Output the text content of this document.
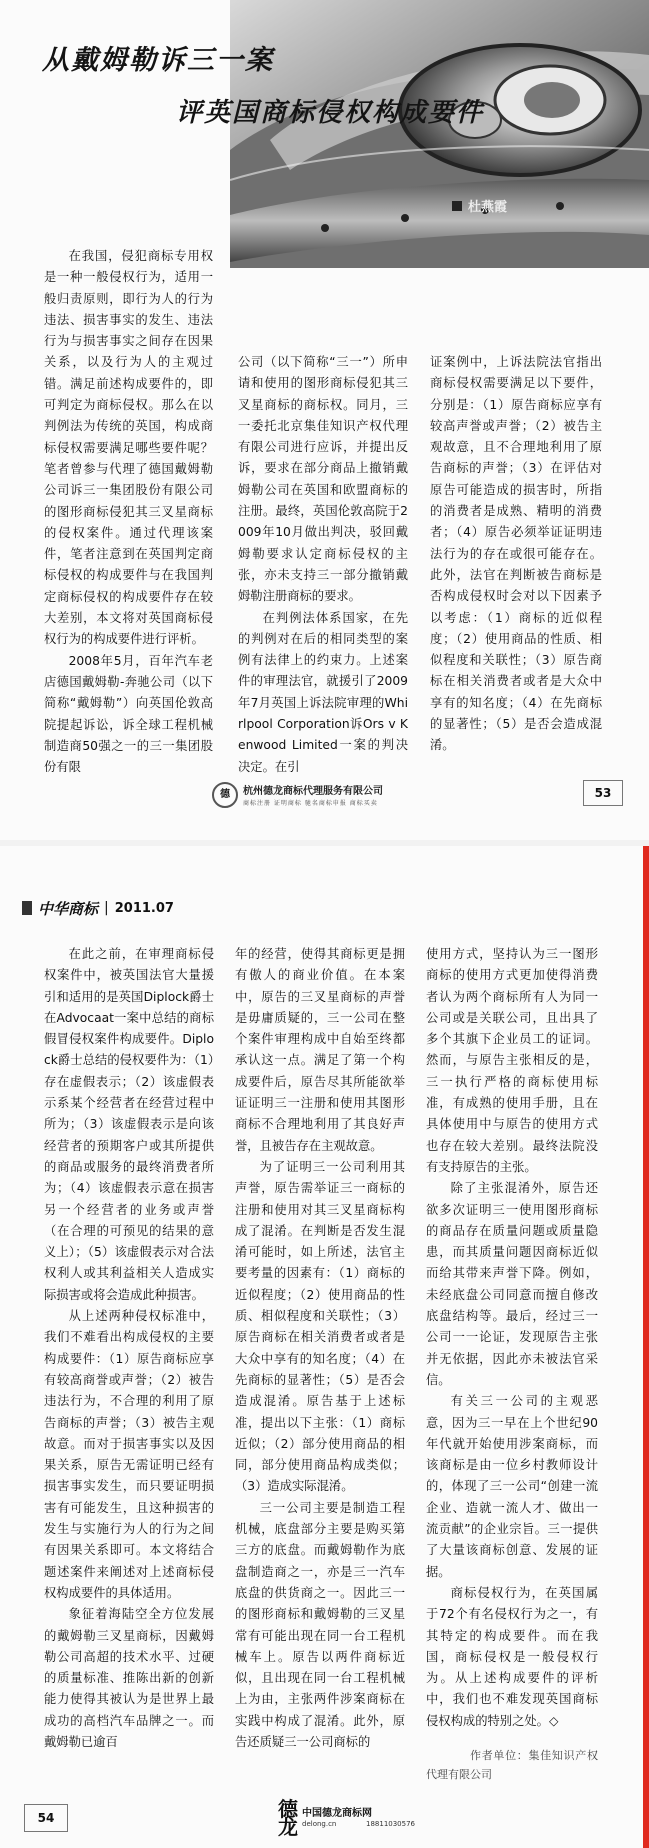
从戴姆勒诉三一案
评英国商标侵权构成要件
杜燕霞

在我国，侵犯商标专用权是一种一般侵权行为，适用一般归责原则，即行为人的行为违法、损害事实的发生、违法行为与损害事实之间存在因果关系，以及行为人的主观过错。满足前述构成要件的，即可判定为商标侵权。那么在以判例法为传统的英国，构成商标侵权需要满足哪些要件呢？笔者曾参与代理了德国戴姆勒公司诉三一集团股份有限公司的图形商标侵犯其三叉星商标的侵权案件。通过代理该案件，笔者注意到在英国判定商标侵权的构成要件与在我国判定商标侵权的构成要件存在较大差别，本文将对英国商标侵权行为的构成要件进行评析。

2008年5月，百年汽车老店德国戴姆勒-奔驰公司（以下简称“戴姆勒”）向英国伦敦高院提起诉讼，诉全球工程机械制造商50强之一的三一集团股份有限

公司（以下简称“三一”）所申请和使用的图形商标侵犯其三叉星商标的商标权。同月，三一委托北京集佳知识产权代理有限公司进行应诉，并提出反诉，要求在部分商品上撤销戴姆勒公司在英国和欧盟商标的注册。最终，英国伦敦高院于2009年10月做出判决，驳回戴姆勒要求认定商标侵权的主张，亦未支持三一部分撤销戴姆勒注册商标的要求。

在判例法体系国家，在先的判例对在后的相同类型的案例有法律上的约束力。上述案件的审理法官，就援引了2009年7月英国上诉法院审理的Whirlpool Corporation诉Ors v Kenwood Limited一案的判决决定。在引

证案例中，上诉法院法官指出商标侵权需要满足以下要件，分别是：（1）原告商标应享有较高声誉或声誉；（2）被告主观故意，且不合理地利用了原告商标的声誉；（3）在评估对原告可能造成的损害时，所指的消费者是成熟、精明的消费者；（4）原告必须举证证明违法行为的存在或很可能存在。此外，法官在判断被告商标是否构成侵权时会对以下因素予以考虑：（1）商标的近似程度；（2）使用商品的性质、相似程度和关联性；（3）原告商标在相关消费者或者是大众中享有的知名度；（4）在先商标的显著性；（5）是否会造成混淆。

德	杭州德龙商标代理服务有限公司
商标注册 证明商标 驰名商标申报 商标买卖
53
中华商标 | 2011.07

在此之前，在审理商标侵权案件中，被英国法官大量援引和适用的是英国Diplock爵士在Advocaat一案中总结的商标假冒侵权案件构成要件。Diplock爵士总结的侵权要件为：（1）存在虚假表示；（2）该虚假表示系某个经营者在经营过程中所为；（3）该虚假表示是向该经营者的预期客户或其所提供的商品或服务的最终消费者所为；（4）该虚假表示意在损害另一个经营者的业务或声誉（在合理的可预见的结果的意义上）；（5）该虚假表示对合法权利人或其利益相关人造成实际损害或将会造成此种损害。

从上述两种侵权标准中，我们不难看出构成侵权的主要构成要件：（1）原告商标应享有较高商誉或声誉；（2）被告违法行为，不合理的利用了原告商标的声誉；（3）被告主观故意。而对于损害事实以及因果关系，原告无需证明已经有损害事实发生，而只要证明损害有可能发生，且这种损害的发生与实施行为人的行为之间有因果关系即可。本文将结合题述案件来阐述对上述商标侵权构成要件的具体适用。

象征着海陆空全方位发展的戴姆勒三叉星商标，因戴姆勒公司高超的技术水平、过硬的质量标准、推陈出新的创新能力使得其被认为是世界上最成功的高档汽车品牌之一。而戴姆勒已逾百

年的经营，使得其商标更是拥有傲人的商业价值。在本案中，原告的三叉星商标的声誉是毋庸质疑的，三一公司在整个案件审理构成中自始至终都承认这一点。满足了第一个构成要件后，原告尽其所能欲举证证明三一注册和使用其图形商标不合理地利用了其良好声誉，且被告存在主观故意。

为了证明三一公司利用其声誉，原告需举证三一商标的注册和使用对其三叉星商标构成了混淆。在判断是否发生混淆可能时，如上所述，法官主要考量的因素有：（1）商标的近似程度；（2）使用商品的性质、相似程度和关联性；（3）原告商标在相关消费者或者是大众中享有的知名度；（4）在先商标的显著性；（5）是否会造成混淆。原告基于上述标准，提出以下主张：（1）商标近似；（2）部分使用商品的相同，部分使用商品构成类似；（3）造成实际混淆。

三一公司主要是制造工程机械，底盘部分主要是购买第三方的底盘。而戴姆勒作为底盘制造商之一，亦是三一汽车底盘的供货商之一。因此三一的图形商标和戴姆勒的三叉星常有可能出现在同一台工程机械车上。原告以两件商标近似，且出现在同一台工程机械上为由，主张两件涉案商标在实践中构成了混淆。此外，原告还质疑三一公司商标的

使用方式，坚持认为三一图形商标的使用方式更加使得消费者认为两个商标所有人为同一公司或是关联公司，且出具了多个其旗下企业员工的证词。然而，与原告主张相反的是，三一执行严格的商标使用标准，有成熟的使用手册，且在具体使用中与原告的使用方式也存在较大差别。最终法院没有支持原告的主张。

除了主张混淆外，原告还欲多次证明三一使用图形商标的商品存在质量问题或质量隐患，而其质量问题因商标近似而给其带来声誉下降。例如，未经底盘公司同意而擅自修改底盘结构等。最后，经过三一公司一一论证，发现原告主张并无依据，因此亦未被法官采信。

有关三一公司的主观恶意，因为三一早在上个世纪90年代就开始使用涉案商标，而该商标是由一位乡村教师设计的，体现了三一公司“创建一流企业、造就一流人才、做出一流贡献”的企业宗旨。三一提供了大量该商标创意、发展的证据。

商标侵权行为，在英国属于72个有名侵权行为之一，有其特定的构成要件。而在我国，商标侵权是一般侵权行为。从上述构成要件的评析中，我们也不难发现英国商标侵权构成的特别之处。◇

作者单位：集佳知识产权代理有限公司

54	德龙
中国德龙商标网
delong.cn	18811030576
